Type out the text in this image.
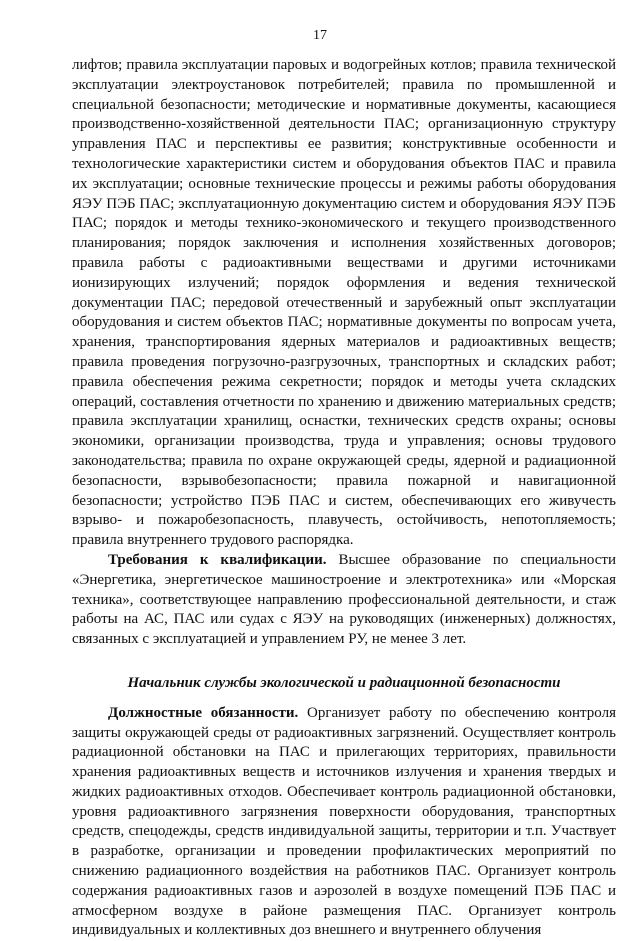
17

лифтов; правила эксплуатации паровых и водогрейных котлов; правила технической эксплуатации электроустановок потребителей; правила по промышленной и специальной безопасности; методические и нормативные документы, касающиеся производственно-хозяйственной деятельности ПАС; организационную структуру управления ПАС и перспективы ее развития; конструктивные особенности и технологические характеристики систем и оборудования объектов ПАС и правила их эксплуатации; основные технические процессы и режимы работы оборудования ЯЭУ ПЭБ ПАС; эксплуатационную документацию систем и оборудования ЯЭУ ПЭБ ПАС; порядок и методы технико-экономического и текущего производственного планирования; порядок заключения и исполнения хозяйственных договоров; правила работы с радиоактивными веществами и другими источниками ионизирующих излучений; порядок оформления и ведения технической документации ПАС; передовой отечественный и зарубежный опыт эксплуатации оборудования и систем объектов ПАС; нормативные документы по вопросам учета, хранения, транспортирования ядерных материалов и радиоактивных веществ; правила проведения погрузочно-разгрузочных, транспортных и складских работ; правила обеспечения режима секретности; порядок и методы учета складских операций, составления отчетности по хранению и движению материальных средств; правила эксплуатации хранилищ, оснастки, технических средств охраны; основы экономики, организации производства, труда и управления; основы трудового законодательства; правила по охране окружающей среды, ядерной и радиационной безопасности, взрывобезопасности; правила пожарной и навигационной безопасности; устройство ПЭБ ПАС и систем, обеспечивающих его живучесть взрыво- и пожаробезопасность, плавучесть, остойчивость, непотопляемость; правила внутреннего трудового распорядка.

Требования к квалификации. Высшее образование по специальности «Энергетика, энергетическое машиностроение и электротехника» или «Морская техника», соответствующее направлению профессиональной деятельности, и стаж работы на АС, ПАС или судах с ЯЭУ на руководящих (инженерных) должностях, связанных с эксплуатацией и управлением РУ, не менее 3 лет.

Начальник службы экологической и радиационной безопасности

Должностные обязанности. Организует работу по обеспечению контроля защиты окружающей среды от радиоактивных загрязнений. Осуществляет контроль радиационной обстановки на ПАС и прилегающих территориях, правильности хранения радиоактивных веществ и источников излучения и хранения твердых и жидких радиоактивных отходов. Обеспечивает контроль радиационной обстановки, уровня радиоактивного загрязнения поверхности оборудования, транспортных средств, спецодежды, средств индивидуальной защиты, территории и т.п. Участвует в разработке, организации и проведении профилактических мероприятий по снижению радиационного воздействия на работников ПАС. Организует контроль содержания радиоактивных газов и аэрозолей в воздухе помещений ПЭБ ПАС и атмосферном воздухе в районе размещения ПАС. Организует контроль индивидуальных и коллективных доз внешнего и внутреннего облучения
